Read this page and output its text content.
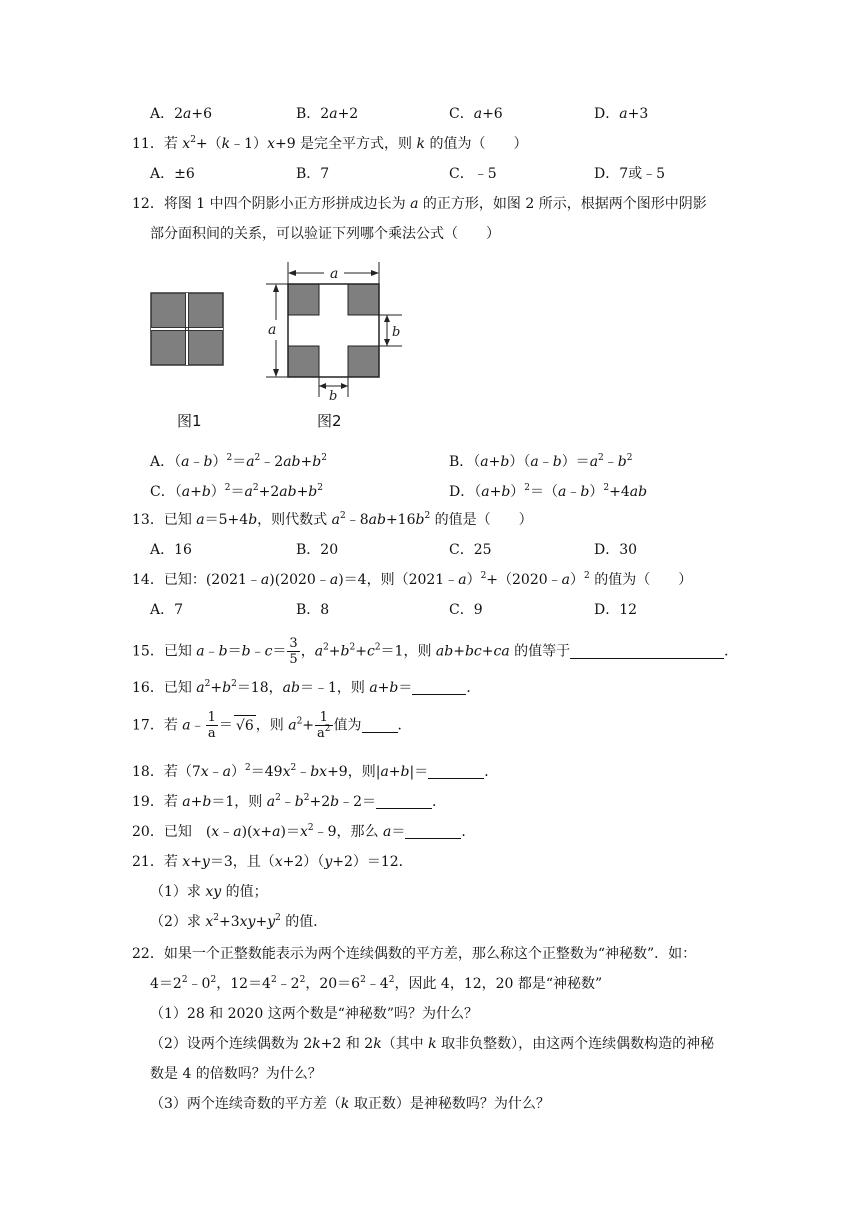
A．2a+6	B．2a+2	C．a+6	D．a+3
11．若 $x^2+(k﹣1)x+9$ 是完全平方式，则 k 的值为（　　）
A．±6	B．7	C．﹣5	D．7或﹣5
12．将图 1 中四个阴影小正方形拼成边长为 a 的正方形，如图 2 所示，根据两个图形中阴影
部分面积间的关系，可以验证下列哪个乘法公式（　　）
图1
a
a	b
b
图2
A．$(a﹣b)^2=a^2﹣2ab+b^2$	B．$(a+b)(a﹣b)=a^2﹣b^2$
C．$(a+b)^2=a^2+2ab+b^2$	D．$(a+b)^2=(a﹣b)^2+4ab$
13．已知 a＝5+4b，则代数式 $a^2﹣8ab+16b^2$ 的值是（　　）
A．16	B．20	C．25	D．30
14．已知：(2021﹣a)(2020﹣a)＝4，则（2021﹣a）$^2$+（2020﹣a）$^2$ 的值为（　　）
A．7	B．8	C．9	D．12
15．已知 a﹣b＝b﹣c＝ $\frac{3}{5}$ ，$a^2+b^2+c^2=1$，则 ab+bc+ca 的值等于	．
16．已知 $a^2+b^2=18$，ab＝﹣1，则 a+b＝	．
17．若 a﹣ $\frac{1}{a} = √6$ ，则 $a^2+ \frac{1}{a^2}$ 值为	．
18．若$(7x﹣a)^2=49x^2﹣bx+9$，则|a+b|＝	．
19．若 a+b＝1，则 $a^2﹣b^2+2b﹣2=$	．
20．已知　$(x﹣a)(x+a)=x^2﹣9$，那么 a＝	．
21．若 x+y＝3，且（x+2）（y+2）＝12．
（1）求 xy 的值；
（2）求 $x^2+3xy+y^2$ 的值．
22．如果一个正整数能表示为两个连续偶数的平方差，那么称这个正整数为“神秘数”．如：
$4=2^2﹣0^2$，$12=4^2﹣2^2$，$20=6^2﹣4^2$，因此 4，12，20 都是“神秘数”
（1）28 和 2020 这两个数是“神秘数”吗？为什么？
（2）设两个连续偶数为 2k+2 和 2k（其中 k 取非负整数），由这两个连续偶数构造的神秘
数是 4 的倍数吗？为什么？
（3）两个连续奇数的平方差（k 取正数）是神秘数吗？为什么？
